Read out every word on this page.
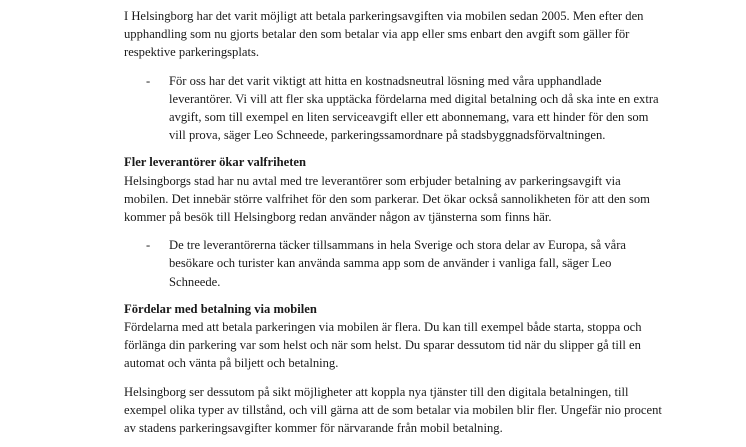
I Helsingborg har det varit möjligt att betala parkeringsavgiften via mobilen sedan 2005. Men efter den upphandling som nu gjorts betalar den som betalar via app eller sms enbart den avgift som gäller för respektive parkeringsplats.

- För oss har det varit viktigt att hitta en kostnadsneutral lösning med våra upphandlade leverantörer. Vi vill att fler ska upptäcka fördelarna med digital betalning och då ska inte en extra avgift, som till exempel en liten serviceavgift eller ett abonnemang, vara ett hinder för den som vill prova, säger Leo Schneede, parkeringssamordnare på stadsbyggnadsförvaltningen.

Fler leverantörer ökar valfriheten

Helsingborgs stad har nu avtal med tre leverantörer som erbjuder betalning av parkeringsavgift via mobilen. Det innebär större valfrihet för den som parkerar. Det ökar också sannolikheten för att den som kommer på besök till Helsingborg redan använder någon av tjänsterna som finns här.

- De tre leverantörerna täcker tillsammans in hela Sverige och stora delar av Europa, så våra besökare och turister kan använda samma app som de använder i vanliga fall, säger Leo Schneede.

Fördelar med betalning via mobilen

Fördelarna med att betala parkeringen via mobilen är flera. Du kan till exempel både starta, stoppa och förlänga din parkering var som helst och när som helst. Du sparar dessutom tid när du slipper gå till en automat och vänta på biljett och betalning.

Helsingborg ser dessutom på sikt möjligheter att koppla nya tjänster till den digitala betalningen, till exempel olika typer av tillstånd, och vill gärna att de som betalar via mobilen blir fler. Ungefär nio procent av stadens parkeringsavgifter kommer för närvarande från mobil betalning.
